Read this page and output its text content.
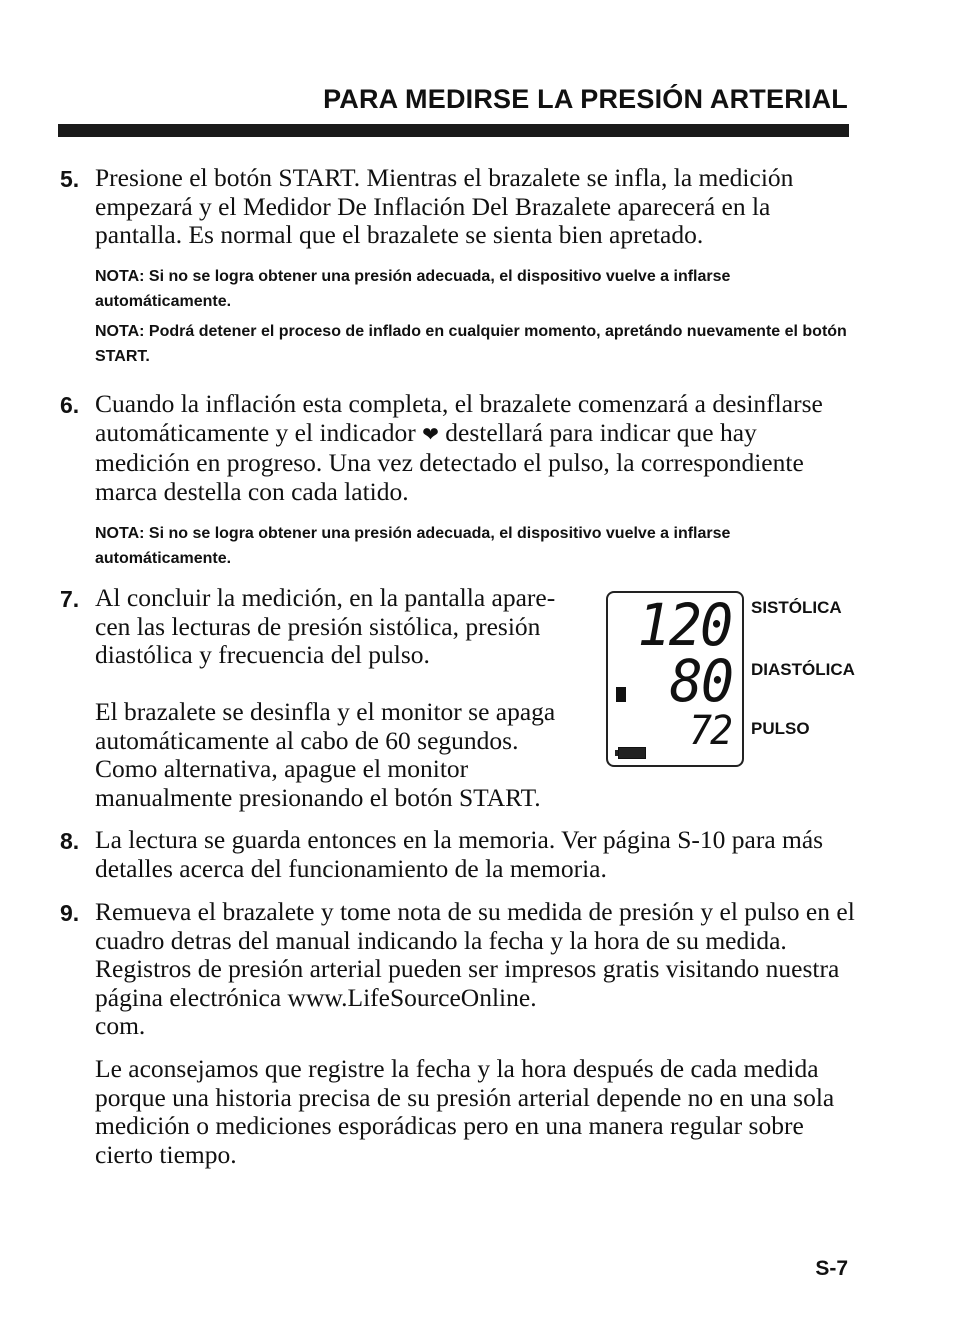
PARA MEDIRSE LA PRESIÓN ARTERIAL
5. Presione el botón START. Mientras el brazalete se infla, la medición empezará y el Medidor De Inflación Del Brazalete aparecerá en la pantalla. Es normal que el brazalete se sienta bien apretado.
NOTA: Si no se logra obtener una presión adecuada, el dispositivo vuelve a inflarse automáticamente.
NOTA: Podrá detener el proceso de inflado en cualquier momento, apretándo nuevamente el botón START.
6. Cuando la inflación esta completa, el brazalete comenzará a desinflarse automáticamente y el indicador ❤ destellará para indicar que hay medición en progreso. Una vez detectado el pulso, la correspondiente marca destella con cada latido.
NOTA: Si no se logra obtener una presión adecuada, el dispositivo vuelve a inflarse automáticamente.
7. Al concluir la medición, en la pantalla apare-
cen las lecturas de presión sistólica, presión
diastólica y frecuencia del pulso.
El brazalete se desinfla y el monitor se apaga
automáticamente al cabo de 60 segundos.
Como alternativa, apague el monitor
manualmente presionando el botón START.
120
80
72
SISTÓLICA
DIASTÓLICA
PULSO
8. La lectura se guarda entonces en la memoria. Ver página S-10 para más detalles acerca del funcionamiento de la memoria.
9. Remueva el brazalete y tome nota de su medida de presión y el pulso en el cuadro detras del manual indicando la fecha y la hora de su medida. Registros de presión arterial pueden ser impresos gratis visitando nuestra página electrónica www.LifeSourceOnline.
com.
Le aconsejamos que registre la fecha y la hora después de cada medida porque una historia precisa de su presión arterial depende no en una sola medición o mediciones esporádicas pero en una manera regular sobre cierto tiempo.
S-7
